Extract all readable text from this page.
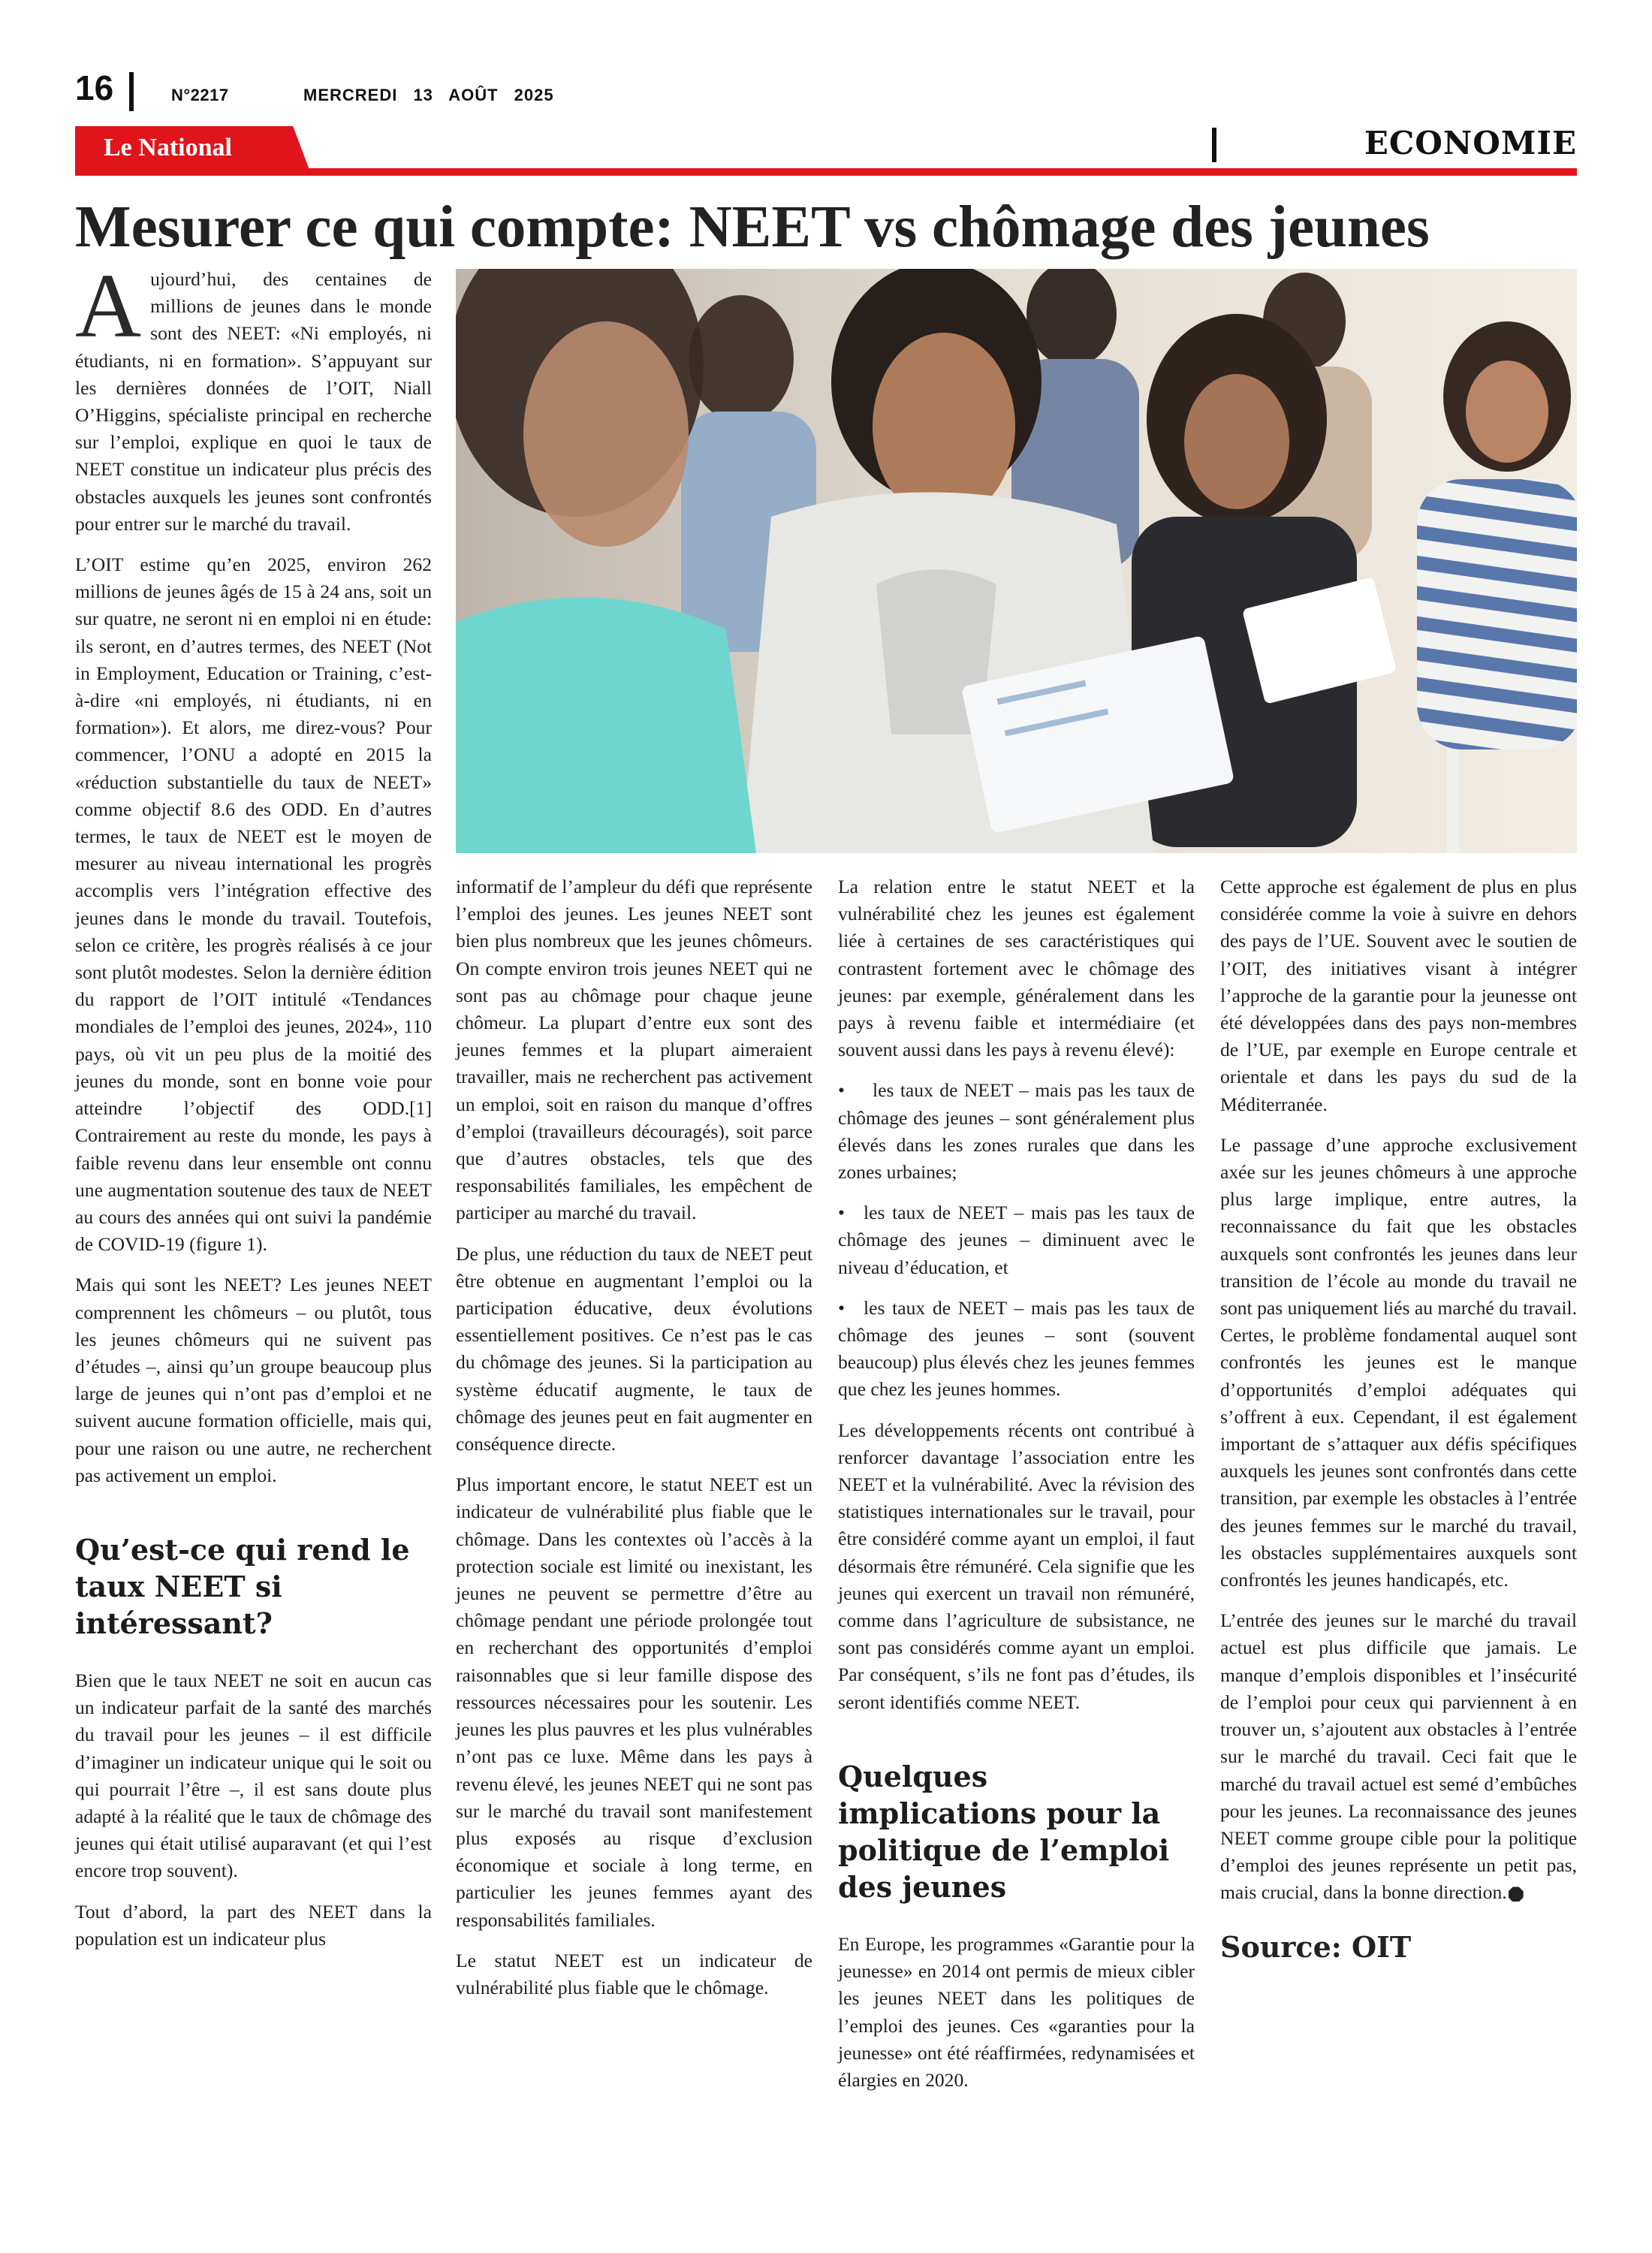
16	N°2217	MERCREDI 13 AOÛT 2025
Le National	ECONOMIE
Mesurer ce qui compte: NEET vs chômage des jeunes

Aujourd’hui, des centaines de millions de jeunes dans le monde sont des NEET: «Ni employés, ni étudiants, ni en formation». S’appuyant sur les dernières données de l’OIT, Niall O’Higgins, spécialiste principal en recherche sur l’emploi, explique en quoi le taux de NEET constitue un indicateur plus précis des obstacles auxquels les jeunes sont confrontés pour entrer sur le marché du travail.

L’OIT estime qu’en 2025, environ 262 millions de jeunes âgés de 15 à 24 ans, soit un sur quatre, ne seront ni en emploi ni en étude: ils seront, en d’autres termes, des NEET (Not in Employment, Education or Training, c’est-à-dire «ni employés, ni étudiants, ni en formation»). Et alors, me direz-vous? Pour commencer, l’ONU a adopté en 2015 la «réduction substantielle du taux de NEET» comme objectif 8.6 des ODD. En d’autres termes, le taux de NEET est le moyen de mesurer au niveau international les progrès accomplis vers l’intégration effective des jeunes dans le monde du travail. Toutefois, selon ce critère, les progrès réalisés à ce jour sont plutôt modestes. Selon la dernière édition du rapport de l’OIT intitulé «Tendances mondiales de l’emploi des jeunes, 2024», 110 pays, où vit un peu plus de la moitié des jeunes du monde, sont en bonne voie pour atteindre l’objectif des ODD.[1] Contrairement au reste du monde, les pays à faible revenu dans leur ensemble ont connu une augmentation soutenue des taux de NEET au cours des années qui ont suivi la pandémie de COVID-19 (figure 1).

Mais qui sont les NEET? Les jeunes NEET comprennent les chômeurs – ou plutôt, tous les jeunes chômeurs qui ne suivent pas d’études –, ainsi qu’un groupe beaucoup plus large de jeunes qui n’ont pas d’emploi et ne suivent aucune formation officielle, mais qui, pour une raison ou une autre, ne recherchent pas activement un emploi.

Qu’est-ce qui rend le taux NEET si intéressant?

Bien que le taux NEET ne soit en aucun cas un indicateur parfait de la santé des marchés du travail pour les jeunes – il est difficile d’imaginer un indicateur unique qui le soit ou qui pourrait l’être –, il est sans doute plus adapté à la réalité que le taux de chômage des jeunes qui était utilisé auparavant (et qui l’est encore trop souvent).

Tout d’abord, la part des NEET dans la population est un indicateur plus

informatif de l’ampleur du défi que représente l’emploi des jeunes. Les jeunes NEET sont bien plus nombreux que les jeunes chômeurs. On compte environ trois jeunes NEET qui ne sont pas au chômage pour chaque jeune chômeur. La plupart d’entre eux sont des jeunes femmes et la plupart aimeraient travailler, mais ne recherchent pas activement un emploi, soit en raison du manque d’offres d’emploi (travailleurs découragés), soit parce que d’autres obstacles, tels que des responsabilités familiales, les empêchent de participer au marché du travail.

De plus, une réduction du taux de NEET peut être obtenue en augmentant l’emploi ou la participation éducative, deux évolutions essentiellement positives. Ce n’est pas le cas du chômage des jeunes. Si la participation au système éducatif augmente, le taux de chômage des jeunes peut en fait augmenter en conséquence directe.

Plus important encore, le statut NEET est un indicateur de vulnérabilité plus fiable que le chômage. Dans les contextes où l’accès à la protection sociale est limité ou inexistant, les jeunes ne peuvent se permettre d’être au chômage pendant une période prolongée tout en recherchant des opportunités d’emploi raisonnables que si leur famille dispose des ressources nécessaires pour les soutenir. Les jeunes les plus pauvres et les plus vulnérables n’ont pas ce luxe. Même dans les pays à revenu élevé, les jeunes NEET qui ne sont pas sur le marché du travail sont manifestement plus exposés au risque d’exclusion économique et sociale à long terme, en particulier les jeunes femmes ayant des responsabilités familiales.

Le statut NEET est un indicateur de vulnérabilité plus fiable que le chômage.

La relation entre le statut NEET et la vulnérabilité chez les jeunes est également liée à certaines de ses caractéristiques qui contrastent fortement avec le chômage des jeunes: par exemple, généralement dans les pays à revenu faible et intermédiaire (et souvent aussi dans les pays à revenu élevé):

• les taux de NEET – mais pas les taux de chômage des jeunes – sont généralement plus élevés dans les zones rurales que dans les zones urbaines;

• les taux de NEET – mais pas les taux de chômage des jeunes – diminuent avec le niveau d’éducation, et

• les taux de NEET – mais pas les taux de chômage des jeunes – sont (souvent beaucoup) plus élevés chez les jeunes femmes que chez les jeunes hommes.

Les développements récents ont contribué à renforcer davantage l’association entre les NEET et la vulnérabilité. Avec la révision des statistiques internationales sur le travail, pour être considéré comme ayant un emploi, il faut désormais être rémunéré. Cela signifie que les jeunes qui exercent un travail non rémunéré, comme dans l’agriculture de subsistance, ne sont pas considérés comme ayant un emploi. Par conséquent, s’ils ne font pas d’études, ils seront identifiés comme NEET.

Quelques implications pour la politique de l’emploi des jeunes

En Europe, les programmes «Garantie pour la jeunesse» en 2014 ont permis de mieux cibler les jeunes NEET dans les politiques de l’emploi des jeunes. Ces «garanties pour la jeunesse» ont été réaffirmées, redynamisées et élargies en 2020.

Cette approche est également de plus en plus considérée comme la voie à suivre en dehors des pays de l’UE. Souvent avec le soutien de l’OIT, des initiatives visant à intégrer l’approche de la garantie pour la jeunesse ont été développées dans des pays non-membres de l’UE, par exemple en Europe centrale et orientale et dans les pays du sud de la Méditerranée.

Le passage d’une approche exclusivement axée sur les jeunes chômeurs à une approche plus large implique, entre autres, la reconnaissance du fait que les obstacles auxquels sont confrontés les jeunes dans leur transition de l’école au monde du travail ne sont pas uniquement liés au marché du travail. Certes, le problème fondamental auquel sont confrontés les jeunes est le manque d’opportunités d’emploi adéquates qui s’offrent à eux. Cependant, il est également important de s’attaquer aux défis spécifiques auxquels les jeunes sont confrontés dans cette transition, par exemple les obstacles à l’entrée des jeunes femmes sur le marché du travail, les obstacles supplémentaires auxquels sont confrontés les jeunes handicapés, etc.

L’entrée des jeunes sur le marché du travail actuel est plus difficile que jamais. Le manque d’emplois disponibles et l’insécurité de l’emploi pour ceux qui parviennent à en trouver un, s’ajoutent aux obstacles à l’entrée sur le marché du travail. Ceci fait que le marché du travail actuel est semé d’embûches pour les jeunes. La reconnaissance des jeunes NEET comme groupe cible pour la politique d’emploi des jeunes représente un petit pas, mais crucial, dans la bonne direction.

Source: OIT
